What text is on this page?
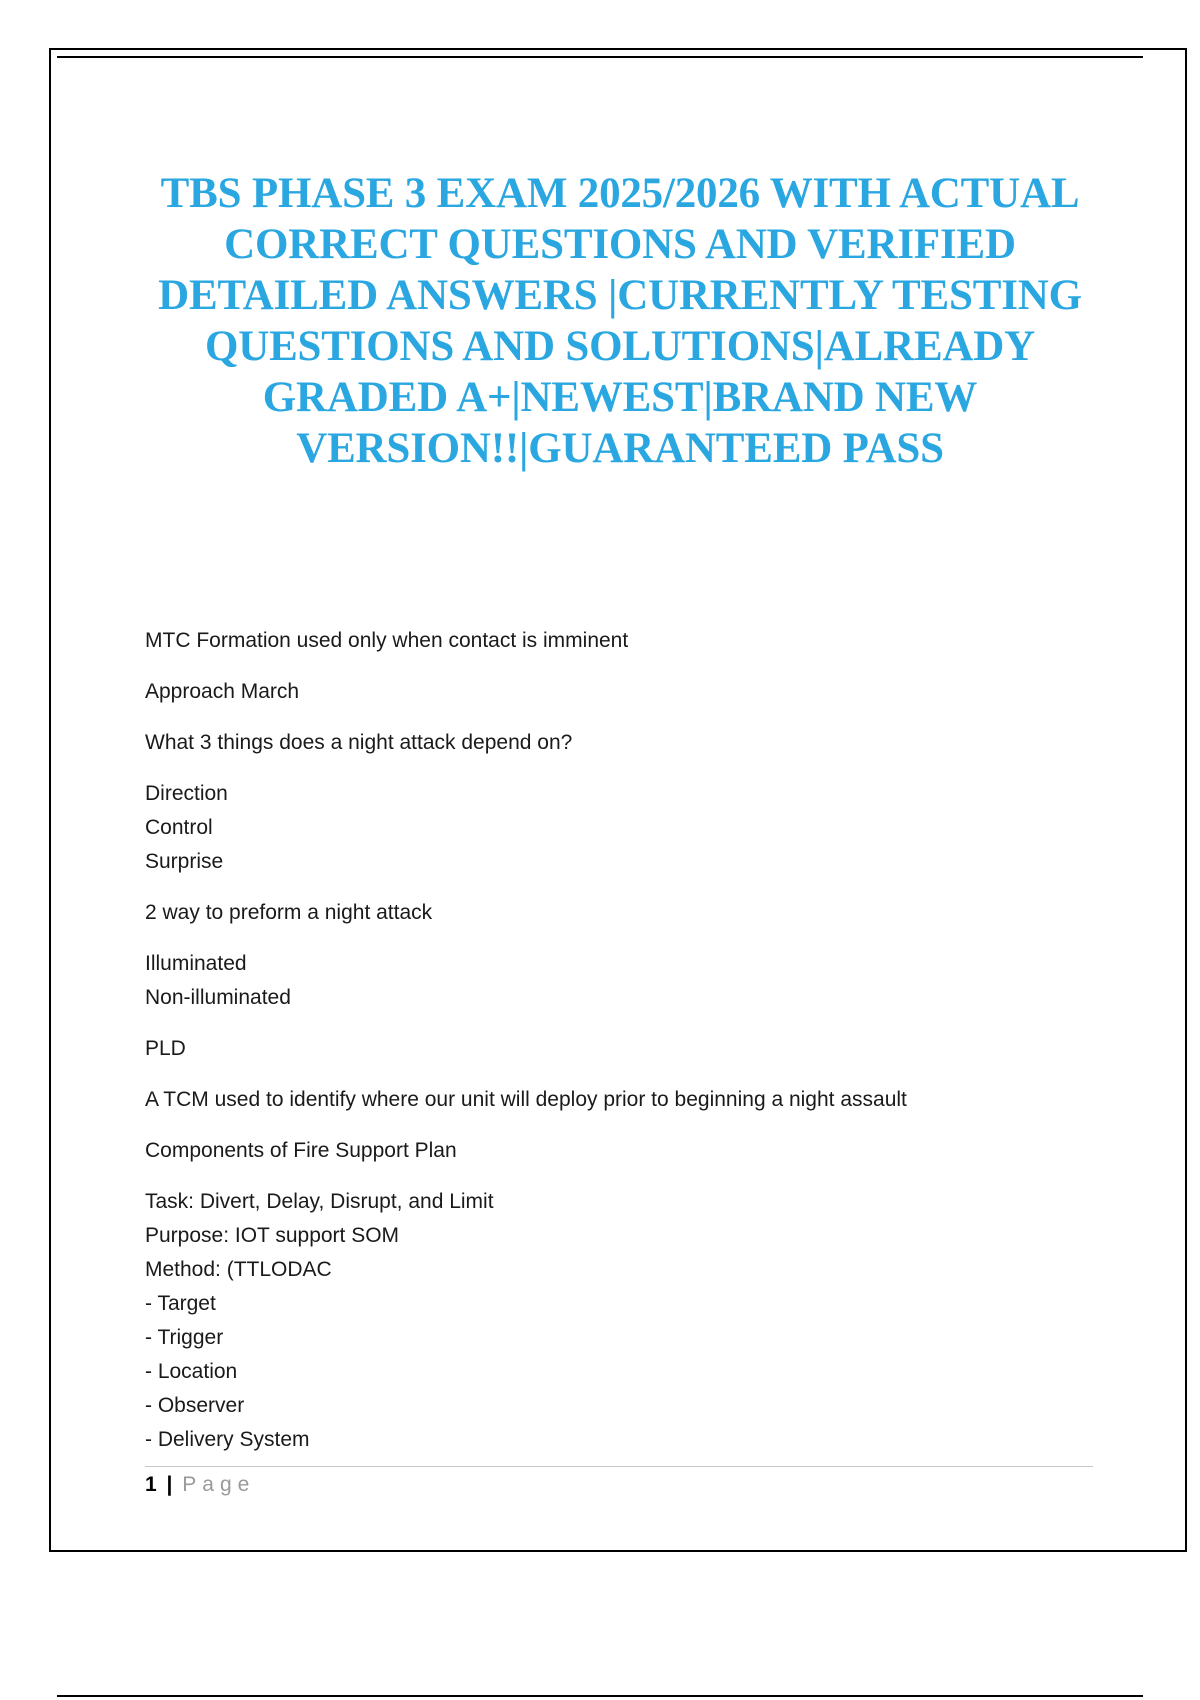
TBS PHASE 3 EXAM 2025/2026 WITH ACTUAL
CORRECT QUESTIONS AND VERIFIED
DETAILED ANSWERS |CURRENTLY TESTING
QUESTIONS AND SOLUTIONS|ALREADY
GRADED A+|NEWEST|BRAND NEW
VERSION!!|GUARANTEED PASS

MTC Formation used only when contact is imminent

Approach March

What 3 things does a night attack depend on?

Direction

Control

Surprise

2 way to preform a night attack

Illuminated

Non-illuminated

PLD

A TCM used to identify where our unit will deploy prior to beginning a night assault

Components of Fire Support Plan

Task: Divert, Delay, Disrupt, and Limit

Purpose: IOT support SOM

Method: (TTLODAC

- Target

- Trigger

- Location

- Observer

- Delivery System

1 | Page
